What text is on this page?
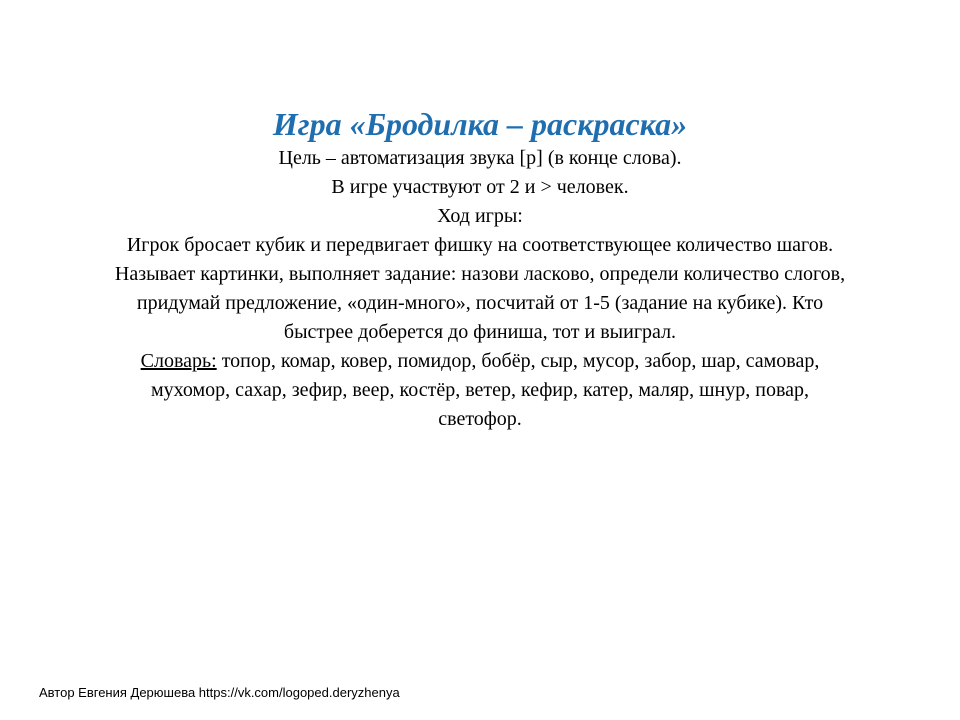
Игра «Бродилка – раскраска»

Цель – автоматизация звука [р] (в конце слова).
В игре участвуют от 2 и > человек.
Ход игры:
Игрок бросает кубик и передвигает фишку на соответствующее количество шагов.
Называет картинки, выполняет задание: назови ласково, определи количество слогов,
придумай предложение, «один-много», посчитай от 1-5 (задание на кубике). Кто
быстрее доберется до финиша, тот и выиграл.
Словарь: топор, комар, ковер, помидор, бобёр, сыр, мусор, забор, шар, самовар,
мухомор, сахар, зефир, веер, костёр, ветер, кефир, катер, маляр, шнур, повар,
светофор.

Автор Евгения Дерюшева https://vk.com/logoped.deryzhenya
